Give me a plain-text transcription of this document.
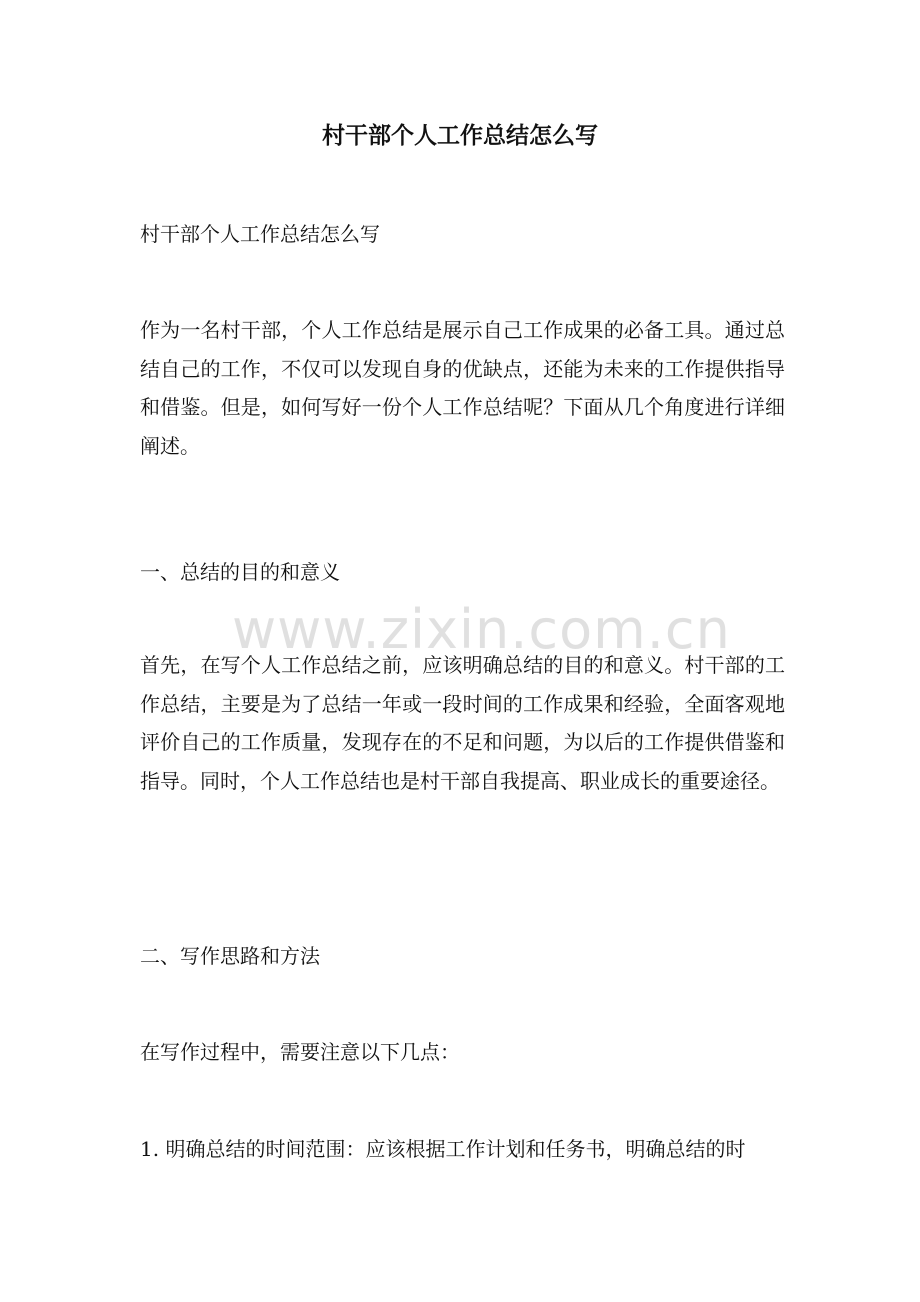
村干部个人工作总结怎么写

村干部个人工作总结怎么写

作为一名村干部，个人工作总结是展示自己工作成果的必备工具。通过总结自己的工作，不仅可以发现自身的优缺点，还能为未来的工作提供指导和借鉴。但是，如何写好一份个人工作总结呢？下面从几个角度进行详细阐述。

一、总结的目的和意义

首先，在写个人工作总结之前，应该明确总结的目的和意义。村干部的工作总结，主要是为了总结一年或一段时间的工作成果和经验，全面客观地评价自己的工作质量，发现存在的不足和问题，为以后的工作提供借鉴和指导。同时，个人工作总结也是村干部自我提高、职业成长的重要途径。

二、写作思路和方法

在写作过程中，需要注意以下几点：

1. 明确总结的时间范围：应该根据工作计划和任务书，明确总结的时

www.zixin.com.cn
